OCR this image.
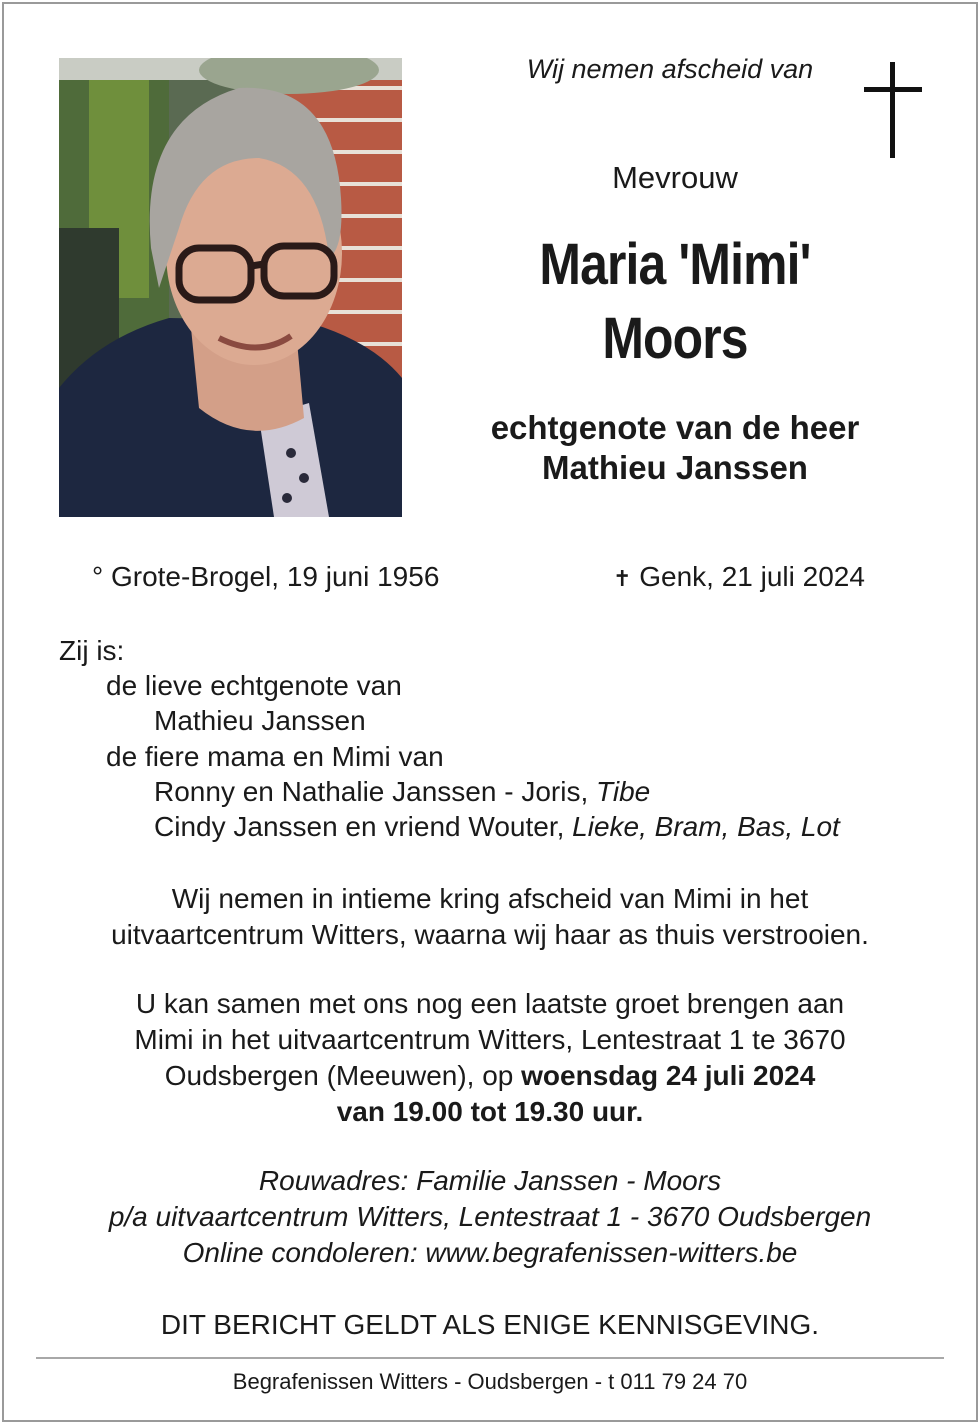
Wij nemen afscheid van
Mevrouw
Maria 'Mimi'
Moors
echtgenote van de heer
Mathieu Janssen
° Grote-Brogel, 19 juni 1956	✝ Genk, 21 juli 2024
Zij is:
de lieve echtgenote van
Mathieu Janssen
de fiere mama en Mimi van
Ronny en Nathalie Janssen - Joris, Tibe
Cindy Janssen en vriend Wouter, Lieke, Bram, Bas, Lot
Wij nemen in intieme kring afscheid van Mimi in het
uitvaartcentrum Witters, waarna wij haar as thuis verstrooien.
U kan samen met ons nog een laatste groet brengen aan
Mimi in het uitvaartcentrum Witters, Lentestraat 1 te 3670
Oudsbergen (Meeuwen), op woensdag 24 juli 2024
van 19.00 tot 19.30 uur.
Rouwadres: Familie Janssen - Moors
p/a uitvaartcentrum Witters, Lentestraat 1 - 3670 Oudsbergen
Online condoleren: www.begrafenissen-witters.be
DIT BERICHT GELDT ALS ENIGE KENNISGEVING.
Begrafenissen Witters - Oudsbergen - t 011 79 24 70
